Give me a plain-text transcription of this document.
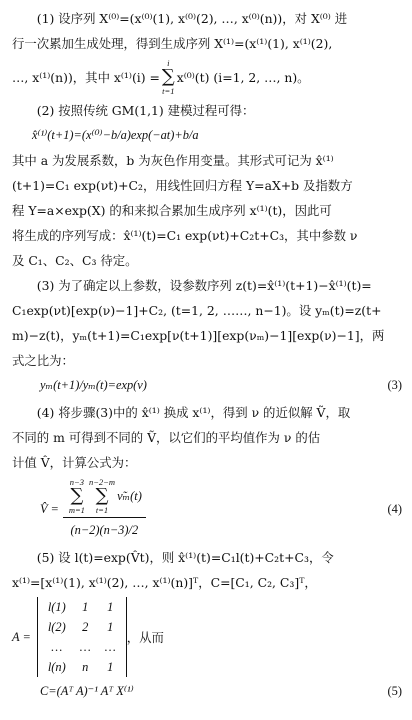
(1) 设序列 X⁽⁰⁾=(x⁽⁰⁾(1), x⁽⁰⁾(2), …, x⁽⁰⁾(n))，对 X⁽⁰⁾ 进

行一次累加生成处理，得到生成序列 X⁽¹⁾=(x⁽¹⁾(1), x⁽¹⁾(2),

…, x⁽¹⁾(n))，其中 x⁽¹⁾(i) =
i
∑
t=1
x⁽⁰⁾(t) (i=1, 2, …, n)。

(2) 按照传统 GM(1,1) 建模过程可得：

x̂⁽¹⁾(t+1)=(x⁽⁰⁾−b/a)exp(−at)+b/a

其中 a 为发展系数，b 为灰色作用变量。其形式可记为 x̂⁽¹⁾

(t+1)=C₁ exp(νt)+C₂，用线性回归方程 Y=aX+b 及指数方

程 Y=a×exp(X) 的和来拟合累加生成序列 x⁽¹⁾(t)，因此可

将生成的序列写成：x̂⁽¹⁾(t)=C₁ exp(νt)+C₂t+C₃，其中参数 ν

及 C₁、C₂、C₃ 待定。

(3) 为了确定以上参数，设参数序列 z(t)=x̂⁽¹⁾(t+1)−x̂⁽¹⁾(t)=

C₁exp(νt)[exp(ν)−1]+C₂, (t=1, 2, ……, n−1)。设 yₘ(t)=z(t+

m)−z(t)，yₘ(t+1)=C₁exp[ν(t+1)][exp(νₘ)−1][exp(ν)−1]，两

式之比为：

yₘ(t+1)/yₘ(t)=exp(ν)	(3)

(4) 将步骤(3)中的 x̂⁽¹⁾ 换成 x⁽¹⁾，得到 ν 的近似解 Ṽ，取

不同的 m 可得到不同的 Ṽ，以它们的平均值作为 ν 的估

计值 V̂，计算公式为：

V̂ =
n−3
∑
m=1
n−2−m
∑
t=1
ν̃ₘ(t)
(n−2)(n−3)/2
(4)

(5) 设 l(t)=exp(V̂t)，则 x̂⁽¹⁾(t)=C₁l(t)+C₂t+C₃，令

x⁽¹⁾=[x⁽¹⁾(1), x⁽¹⁾(2), …, x⁽¹⁾(n)]ᵀ，C=[C₁, C₂, C₃]ᵀ，

A =
l(1) 1 1
l(2) 2 1
… … …
l(n) n 1
，从而
C=(Aᵀ A)⁻¹ Aᵀ X⁽¹⁾	(5)
